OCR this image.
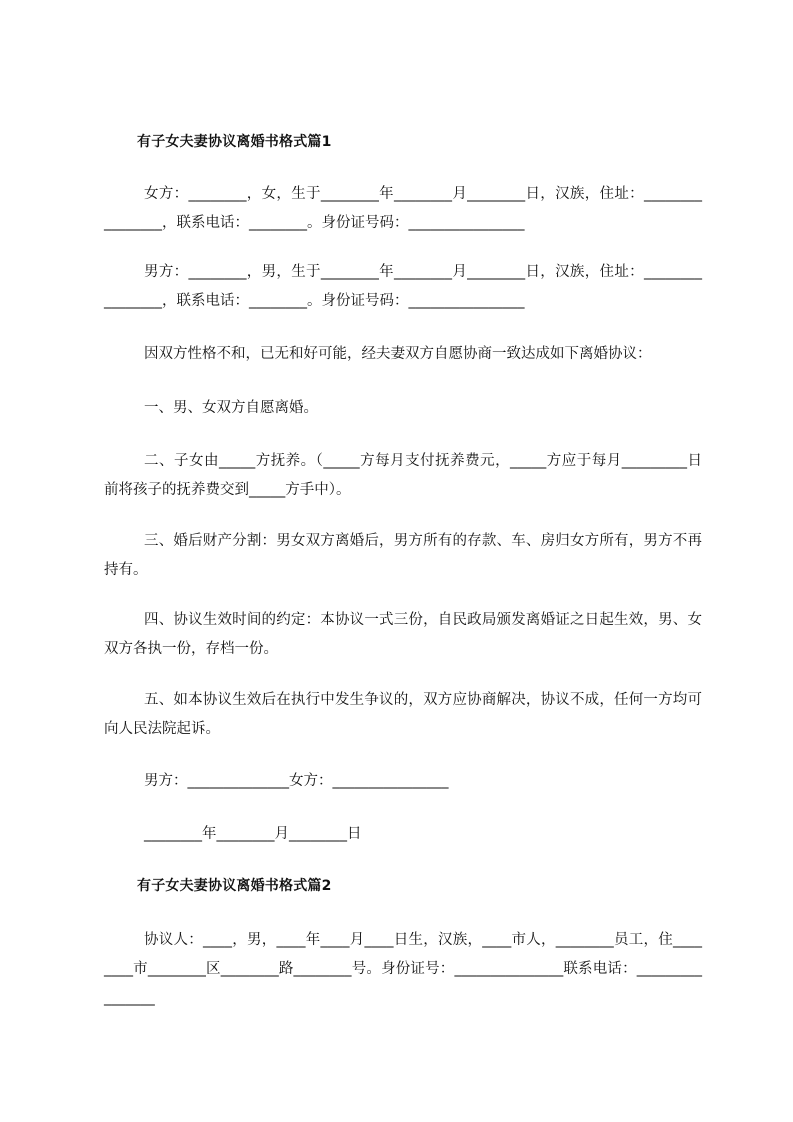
有子女夫妻协议离婚书格式篇1
女方：________，女，生于________年________月________日，汉族，住址：________________，联系电话：________。身份证号码：________________
男方：________，男，生于________年________月________日，汉族，住址：________________，联系电话：________。身份证号码：________________
因双方性格不和，已无和好可能，经夫妻双方自愿协商一致达成如下离婚协议：
一、男、女双方自愿离婚。
二、子女由_____方抚养。（_____方每月支付抚养费元，_____方应于每月_________日前将孩子的抚养费交到_____方手中）。
三、婚后财产分割：男女双方离婚后，男方所有的存款、车、房归女方所有，男方不再持有。
四、协议生效时间的约定：本协议一式三份，自民政局颁发离婚证之日起生效，男、女双方各执一份，存档一份。
五、如本协议生效后在执行中发生争议的，双方应协商解决，协议不成，任何一方均可向人民法院起诉。
男方：______________女方：________________
________年________月________日
有子女夫妻协议离婚书格式篇2
协议人：____，男，____年____月____日生，汉族，____市人，________员工，住________市________区________路________号。身份证号：_______________联系电话：________________
